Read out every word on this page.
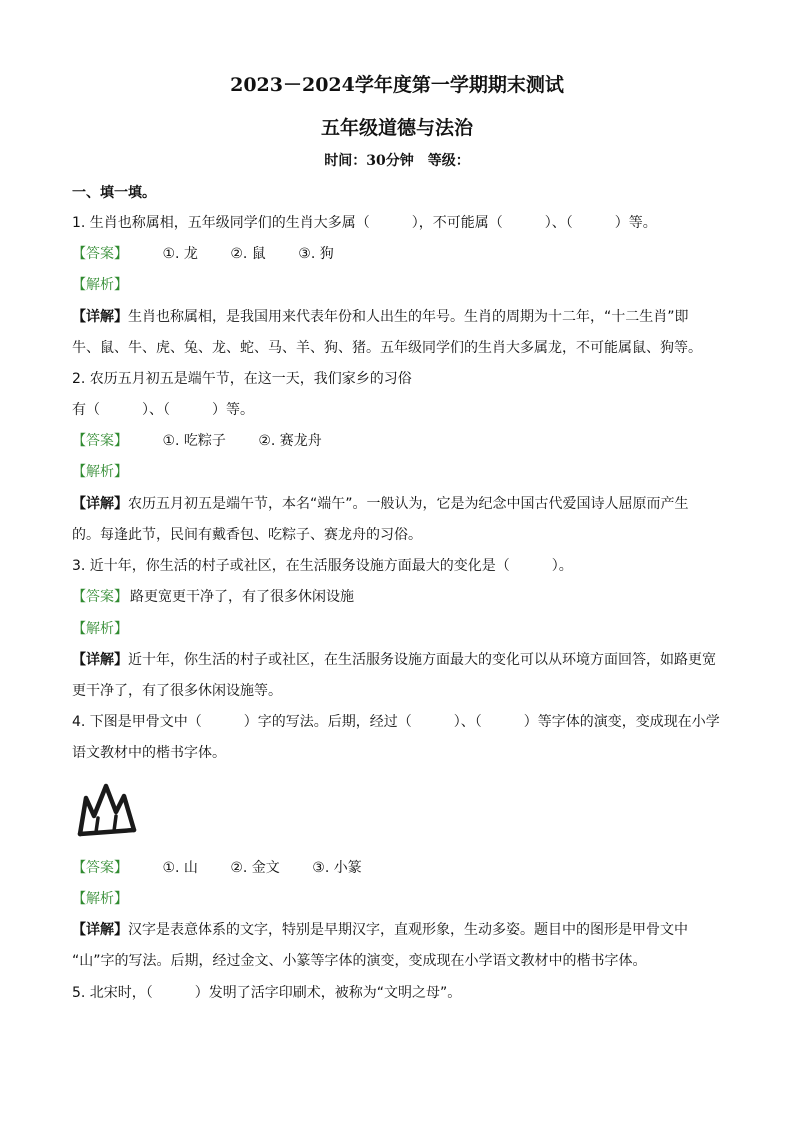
2023－2024学年度第一学期期末测试
五年级道德与法治
时间：30分钟　等级：
一、填一填。
1. 生肖也称属相，五年级同学们的生肖大多属（　　　），不可能属（　　　）、（　　　）等。
【答案】 ①. 龙 ②. 鼠 ③. 狗
【解析】
【详解】生肖也称属相，是我国用来代表年份和人出生的年号。生肖的周期为十二年，“十二生肖”即
牛、鼠、牛、虎、兔、龙、蛇、马、羊、狗、猪。五年级同学们的生肖大多属龙，不可能属鼠、狗等。
2. 农历五月初五是端午节，在这一天，我们家乡的习俗
有（　　　）、（　　　）等。
【答案】 ①. 吃粽子 ②. 赛龙舟
【解析】
【详解】农历五月初五是端午节，本名“端午”。一般认为，它是为纪念中国古代爱国诗人屈原而产生
的。每逢此节，民间有戴香包、吃粽子、赛龙舟的习俗。
3. 近十年，你生活的村子或社区，在生活服务设施方面最大的变化是（　　　）。
【答案】 路更宽更干净了，有了很多休闲设施
【解析】
【详解】近十年，你生活的村子或社区，在生活服务设施方面最大的变化可以从环境方面回答，如路更宽
更干净了，有了很多休闲设施等。
4. 下图是甲骨文中（　　　）字的写法。后期，经过（　　　）、（　　　）等字体的演变，变成现在小学
语文教材中的楷书字体。
【答案】 ①. 山 ②. 金文 ③. 小篆
【解析】
【详解】汉字是表意体系的文字，特别是早期汉字，直观形象，生动多姿。题目中的图形是甲骨文中
“山”字的写法。后期，经过金文、小篆等字体的演变，变成现在小学语文教材中的楷书字体。
5. 北宋时，（　　　）发明了活字印刷术，被称为“文明之母”。
